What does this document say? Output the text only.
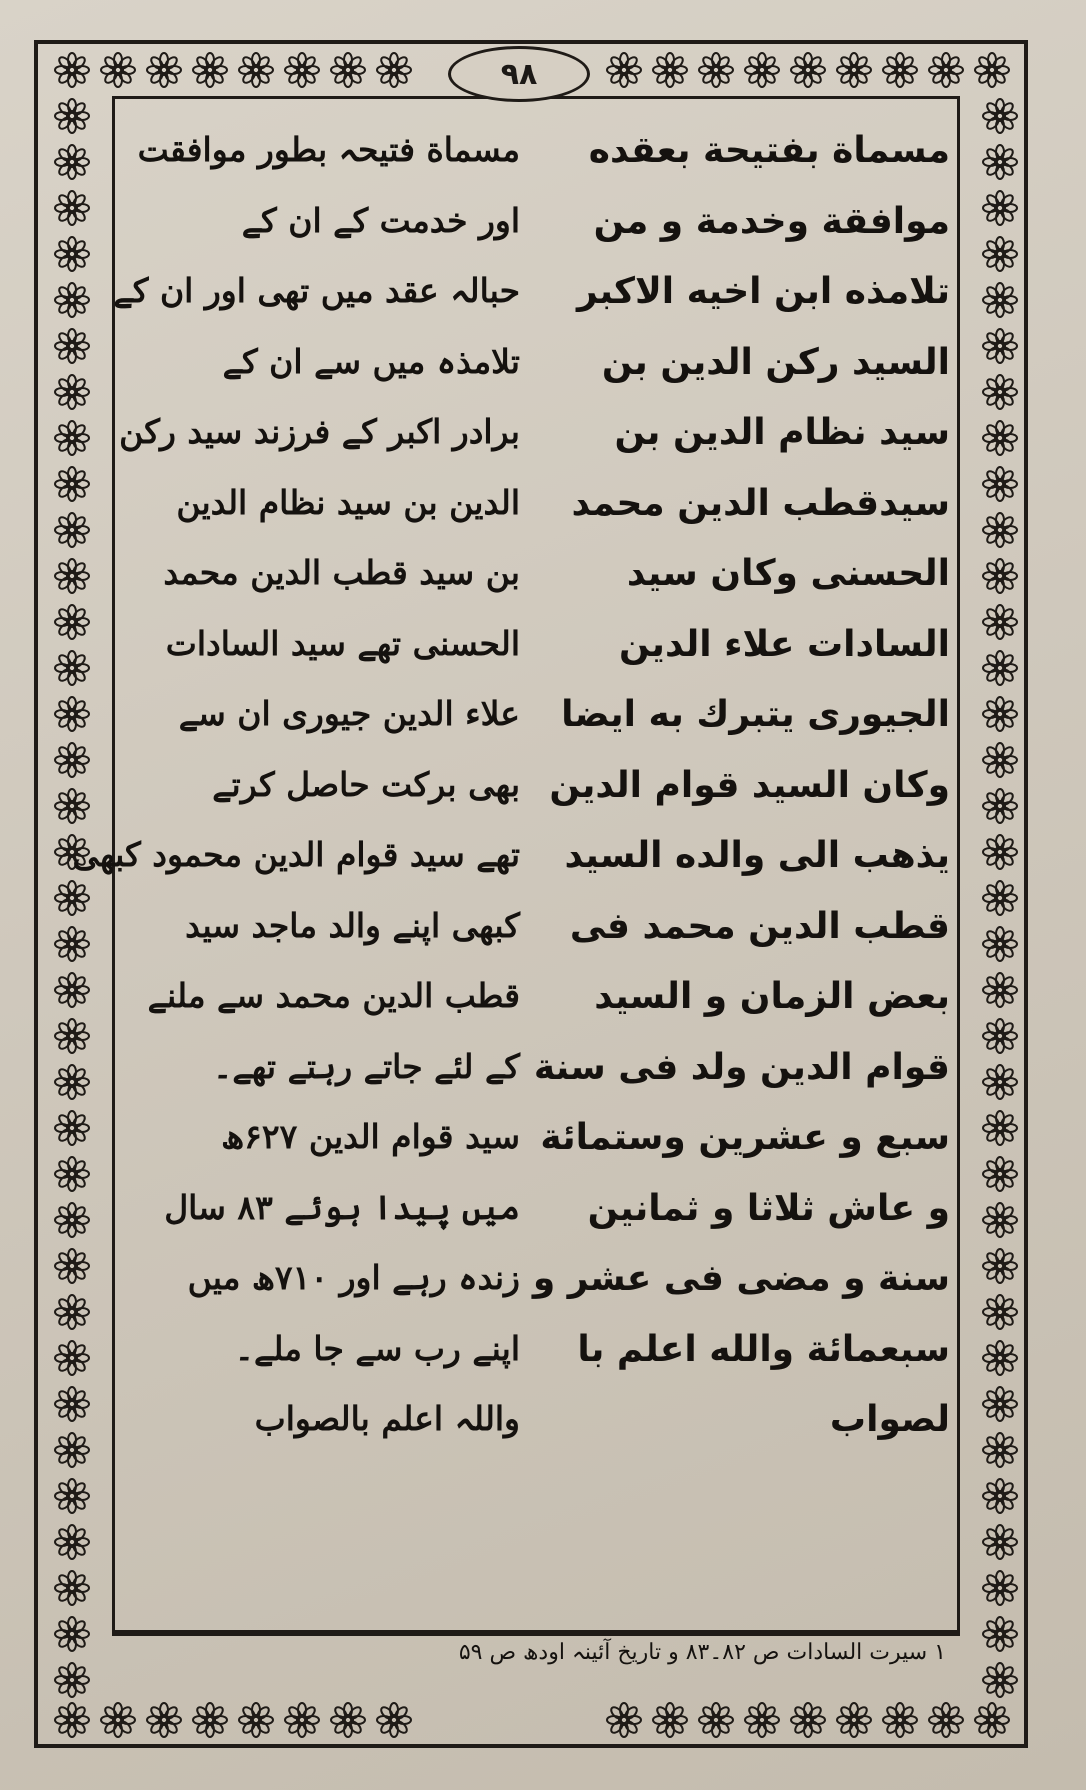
۹۸
مسماة بفتيحة بعقده
موافقة وخدمة و من
تلامذه ابن اخيه الاكبر
السيد ركن الدين بن
سيد نظام الدين بن
سيدقطب الدين محمد
الحسنى وكان سيد
السادات علاء الدين
الجيورى يتبرك به ايضا
وكان السيد قوام الدين
يذهب الى والده السيد
قطب الدين محمد فى
بعض الزمان و السيد
قوام الدين ولد فى سنة
سبع و عشرين وستمائة
و عاش ثلاثا و ثمانين
سنة و مضى فى عشر و
سبعمائة والله اعلم با
لصواب
مسماة فتیحہ بطور موافقت
اور خدمت کے ان کے
حبالہ عقد میں تھی اور ان کے
تلامذہ میں سے ان کے
برادر اکبر کے فرزند سید رکن
الدین بن سید نظام الدین
بن سید قطب الدین محمد
الحسنی تھے سید السادات
علاء الدین جیوری ان سے
بھی برکت حاصل کرتے
تھے سید قوام الدین محمود کبھی
کبھی اپنے والد ماجد سید
قطب الدین محمد سے ملنے
کے لئے جاتے رہتے تھے۔
سید قوام الدین ۶۲۷ھ
میں پیدا ہوئے ۸۳ سال
زندہ رہے اور ۷۱۰ھ میں
اپنے رب سے جا ملے۔
واللہ اعلم بالصواب
۱ سیرت السادات ص ۸۲۔۸۳ و تاریخ آئینہ اودھ ص ۵۹
